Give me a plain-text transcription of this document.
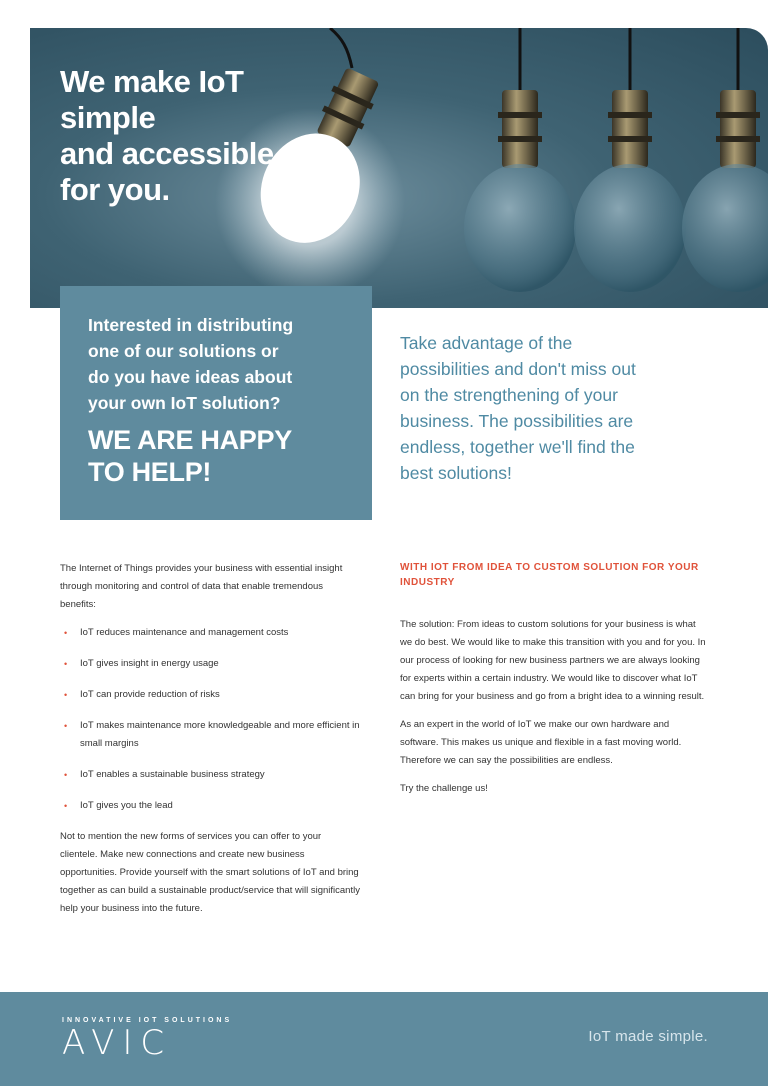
We make IoT
simple
and accessible
for you.
Interested in distributing
one of our solutions or
do you have ideas about
your own IoT solution?
WE ARE HAPPY
TO HELP!
Take advantage of the
possibilities and don't miss out
on the strengthening of your
business. The possibilities are
endless, together we'll find the
best solutions!

The Internet of Things provides your business with essential insight through monitoring and control of data that enable tremendous benefits:

• IoT reduces maintenance and management costs
• IoT gives insight in energy usage
• IoT can provide reduction of risks
• IoT makes maintenance more knowledgeable and more efficient in small margins
• IoT enables a sustainable business strategy
• IoT gives you the lead

Not to mention the new forms of services you can offer to your clientele. Make new connections and create new business opportunities. Provide yourself with the smart solutions of IoT and bring together as can build a sustainable product/service that will significantly help your business into the future.

WITH IOT FROM IDEA TO CUSTOM SOLUTION FOR YOUR INDUSTRY

The solution: From ideas to custom solutions for your business is what we do best. We would like to make this transition with you and for you. In our process of looking for new business partners we are always looking for experts within a certain industry. We would like to discover what IoT can bring for your business and go from a bright idea to a winning result.

As an expert in the world of IoT we make our own hardware and software. This makes us unique and flexible in a fast moving world. Therefore we can say the possibilities are endless.

Try the challenge us!

INNOVATIVE IOT SOLUTIONS
AVIC	IoT made simple.
